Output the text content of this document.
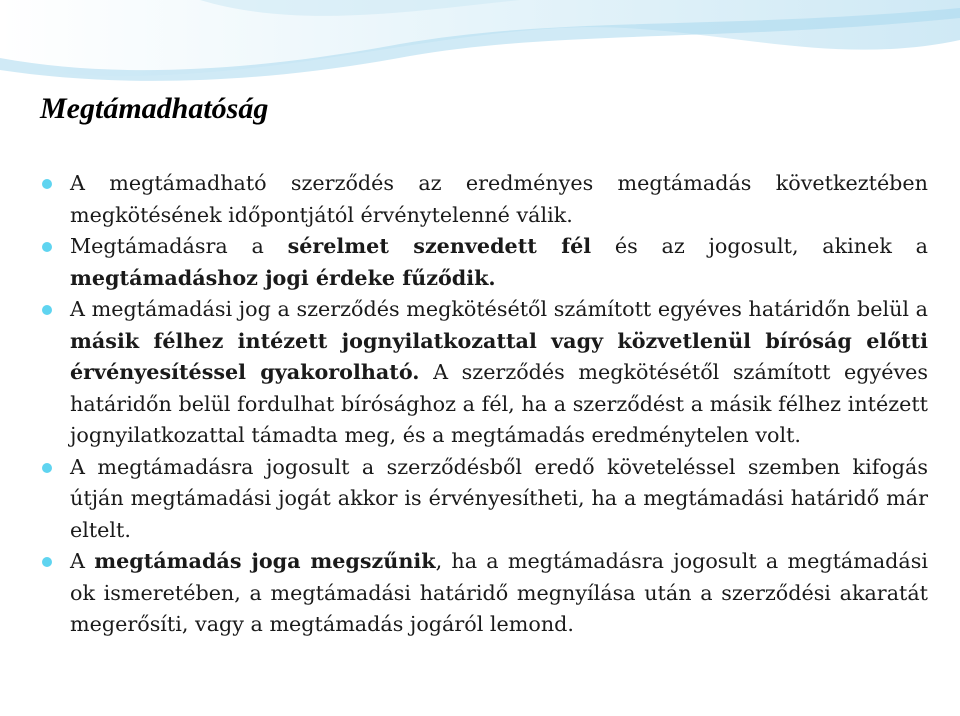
Megtámadhatóság
A megtámadható szerződés az eredményes megtámadás következtében megkötésének időpontjától érvénytelenné válik.
Megtámadásra a sérelmet szenvedett fél és az jogosult, akinek a megtámadáshoz jogi érdeke fűződik.
A megtámadási jog a szerződés megkötésétől számított egyéves határidőn belül a másik félhez intézett jognyilatkozattal vagy közvetlenül bíróság előtti érvényesítéssel gyakorolható. A szerződés megkötésétől számított egyéves határidőn belül fordulhat bírósághoz a fél, ha a szerződést a másik félhez intézett jognyilatkozattal támadta meg, és a megtámadás eredménytelen volt.
A megtámadásra jogosult a szerződésből eredő követeléssel szemben kifogás útján megtámadási jogát akkor is érvényesítheti, ha a megtámadási határidő már eltelt.
A megtámadás joga megszűnik, ha a megtámadásra jogosult a megtámadási ok ismeretében, a megtámadási határidő megnyílása után a szerződési akaratát megerősíti, vagy a megtámadás jogáról lemond.
